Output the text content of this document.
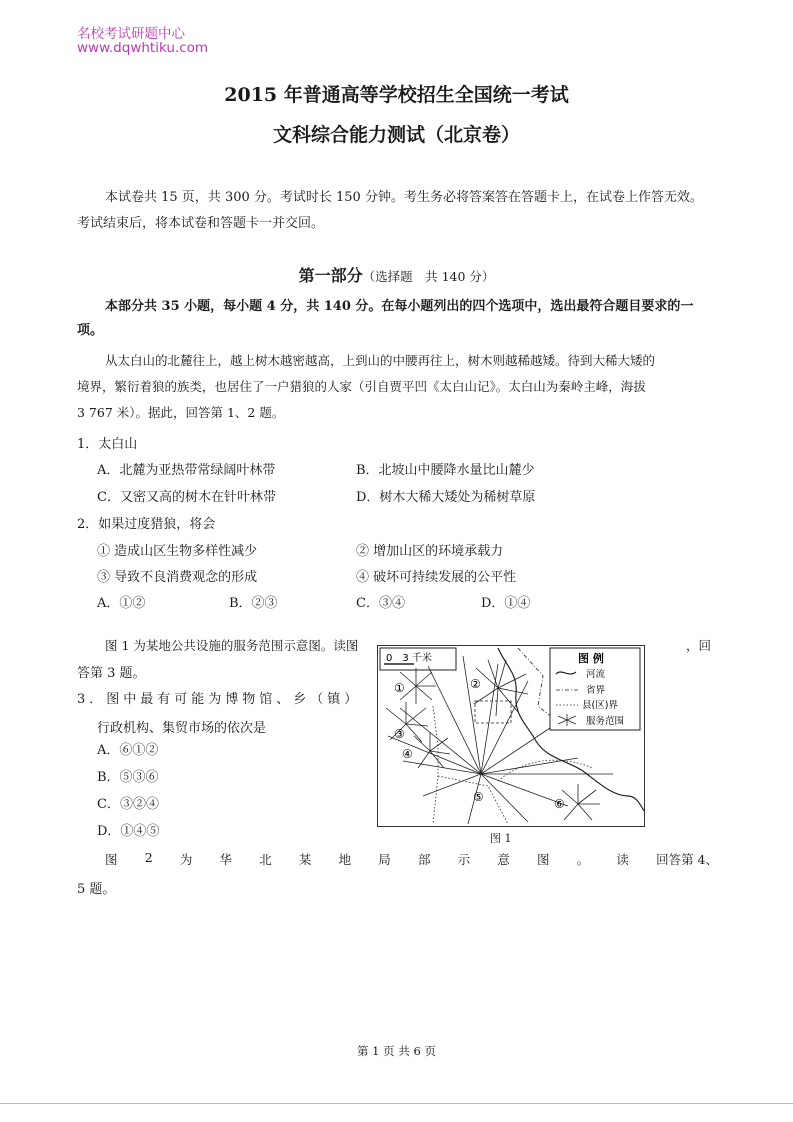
名校考试研题中心
www.dqwhtiku.com
2015 年普通高等学校招生全国统一考试
文科综合能力测试（北京卷）
本试卷共 15 页，共 300 分。考试时长 150 分钟。考生务必将答案答在答题卡上，在试卷上作答无效。
考试结束后，将本试卷和答题卡一并交回。
第一部分（选择题　共 140 分）
本部分共 35 小题，每小题 4 分，共 140 分。在每小题列出的四个选项中，选出最符合题目要求的一
项。
从太白山的北麓往上，越上树木越密越高，上到山的中腰再往上，树木则越稀越矮。待到大稀大矮的
境界，繁衍着狼的族类，也居住了一户猎狼的人家（引自贾平凹《太白山记》。太白山为秦岭主峰，海拔
3 767 米）。据此，回答第 1、2 题。
1．太白山
A．北麓为亚热带常绿阔叶林带	B．北坡山中腰降水量比山麓少
C．又密又高的树木在针叶林带	D．树木大稀大矮处为稀树草原
2．如果过度猎狼，将会
① 造成山区生物多样性减少	② 增加山区的环境承载力
③ 导致不良消费观念的形成	④ 破坏可持续发展的公平性
A．①②	B．②③	C．③④	D．①④
图 1 为某地公共设施的服务范围示意图。读图	，回
答第 3 题。
3．图中最有可能为博物馆、乡（镇）
行政机构、集贸市场的依次是
A．⑥①②
B．⑤③⑥
C．③②④
D．①④⑤
0　3 千米
①	②
③
④
⑤	⑥
图 例
河流
省界
县(区)界
服务范围
图 1
图 2 为 华 北 某 地 局 部 示 意 图 。 读 回答第 4、
5 题。
第 1 页 共 6 页
